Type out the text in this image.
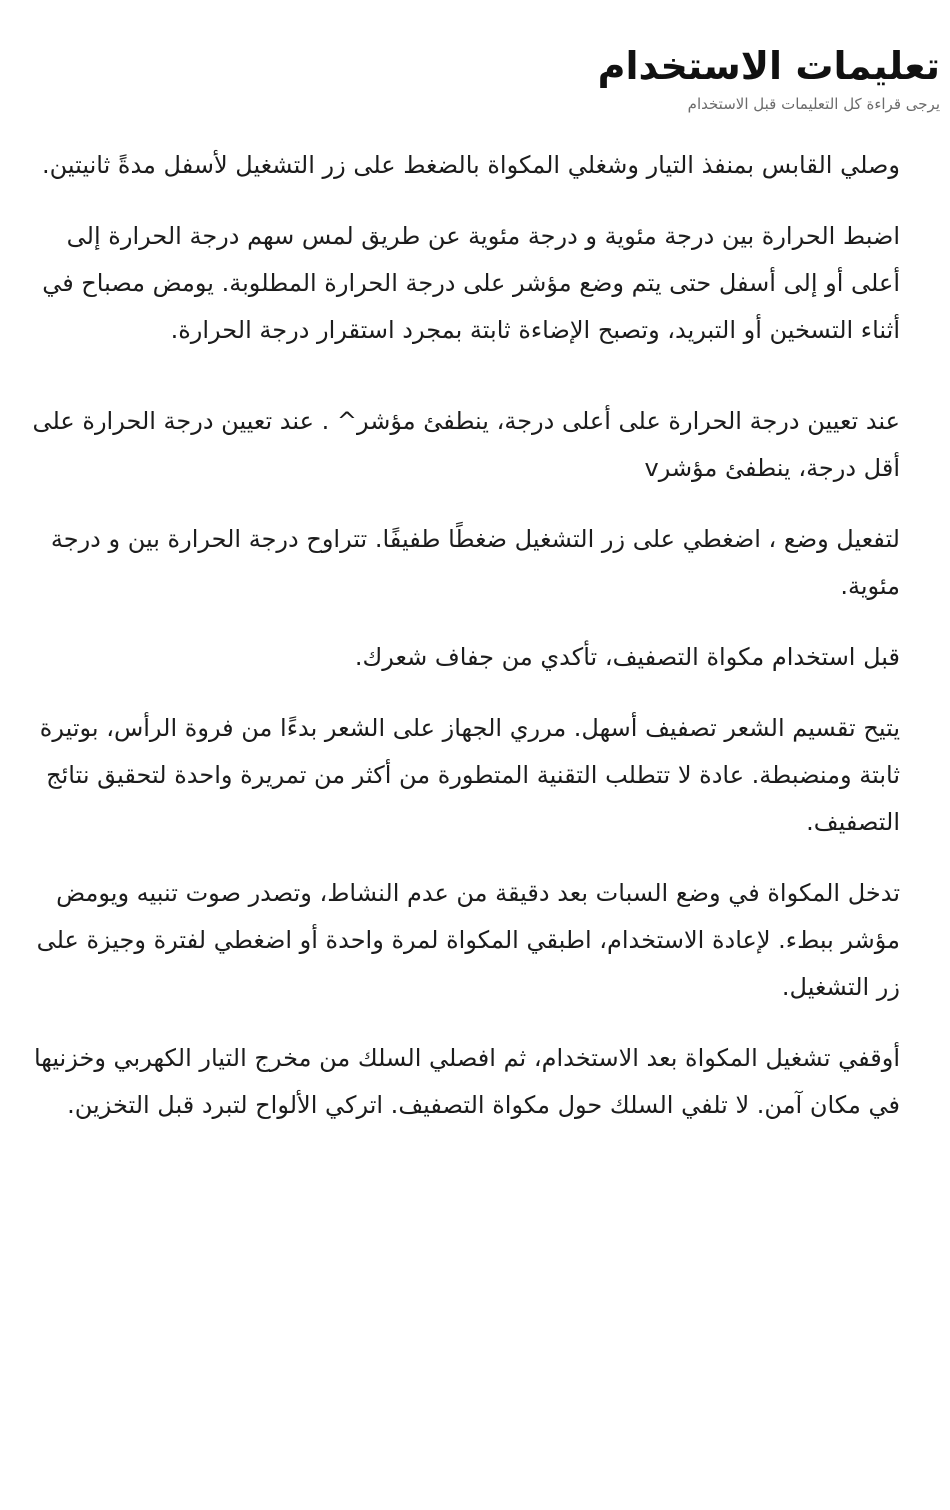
تعليمات الاستخدام

يرجى قراءة كل التعليمات قبل الاستخدام

وصلي القابس بمنفذ التيار وشغلي المكواة بالضغط على زر التشغيل لأسفل مدةً ثانيتين.

اضبط الحرارة بين درجة مئوية و درجة مئوية عن طريق لمس سهم درجة الحرارة إلى أعلى أو إلى أسفل حتى يتم وضع مؤشر على درجة الحرارة المطلوبة. يومض مصباح في أثناء التسخين أو التبريد، وتصبح الإضاءة ثابتة بمجرد استقرار درجة الحرارة.

عند تعيين درجة الحرارة على أعلى درجة، ينطفئ مؤشر^ . عند تعيين درجة الحرارة على أقل درجة، ينطفئ مؤشرv

لتفعيل وضع ، اضغطي على زر التشغيل ضغطًا طفيفًا. تتراوح درجة الحرارة بين و درجة مئوية.

قبل استخدام مكواة التصفيف، تأكدي من جفاف شعرك.

يتيح تقسيم الشعر تصفيف أسهل. مرري الجهاز على الشعر بدءًا من فروة الرأس، بوتيرة ثابتة ومنضبطة. عادة لا تتطلب التقنية المتطورة من أكثر من تمريرة واحدة لتحقيق نتائج التصفيف.

تدخل المكواة في وضع السبات بعد دقيقة من عدم النشاط، وتصدر صوت تنبيه ويومض مؤشر ببطء. لإعادة الاستخدام، اطبقي المكواة لمرة واحدة أو اضغطي لفترة وجيزة على زر التشغيل.

أوقفي تشغيل المكواة بعد الاستخدام، ثم افصلي السلك من مخرج التيار الكهربي وخزنيها في مكان آمن. لا تلفي السلك حول مكواة التصفيف. اتركي الألواح لتبرد قبل التخزين.
